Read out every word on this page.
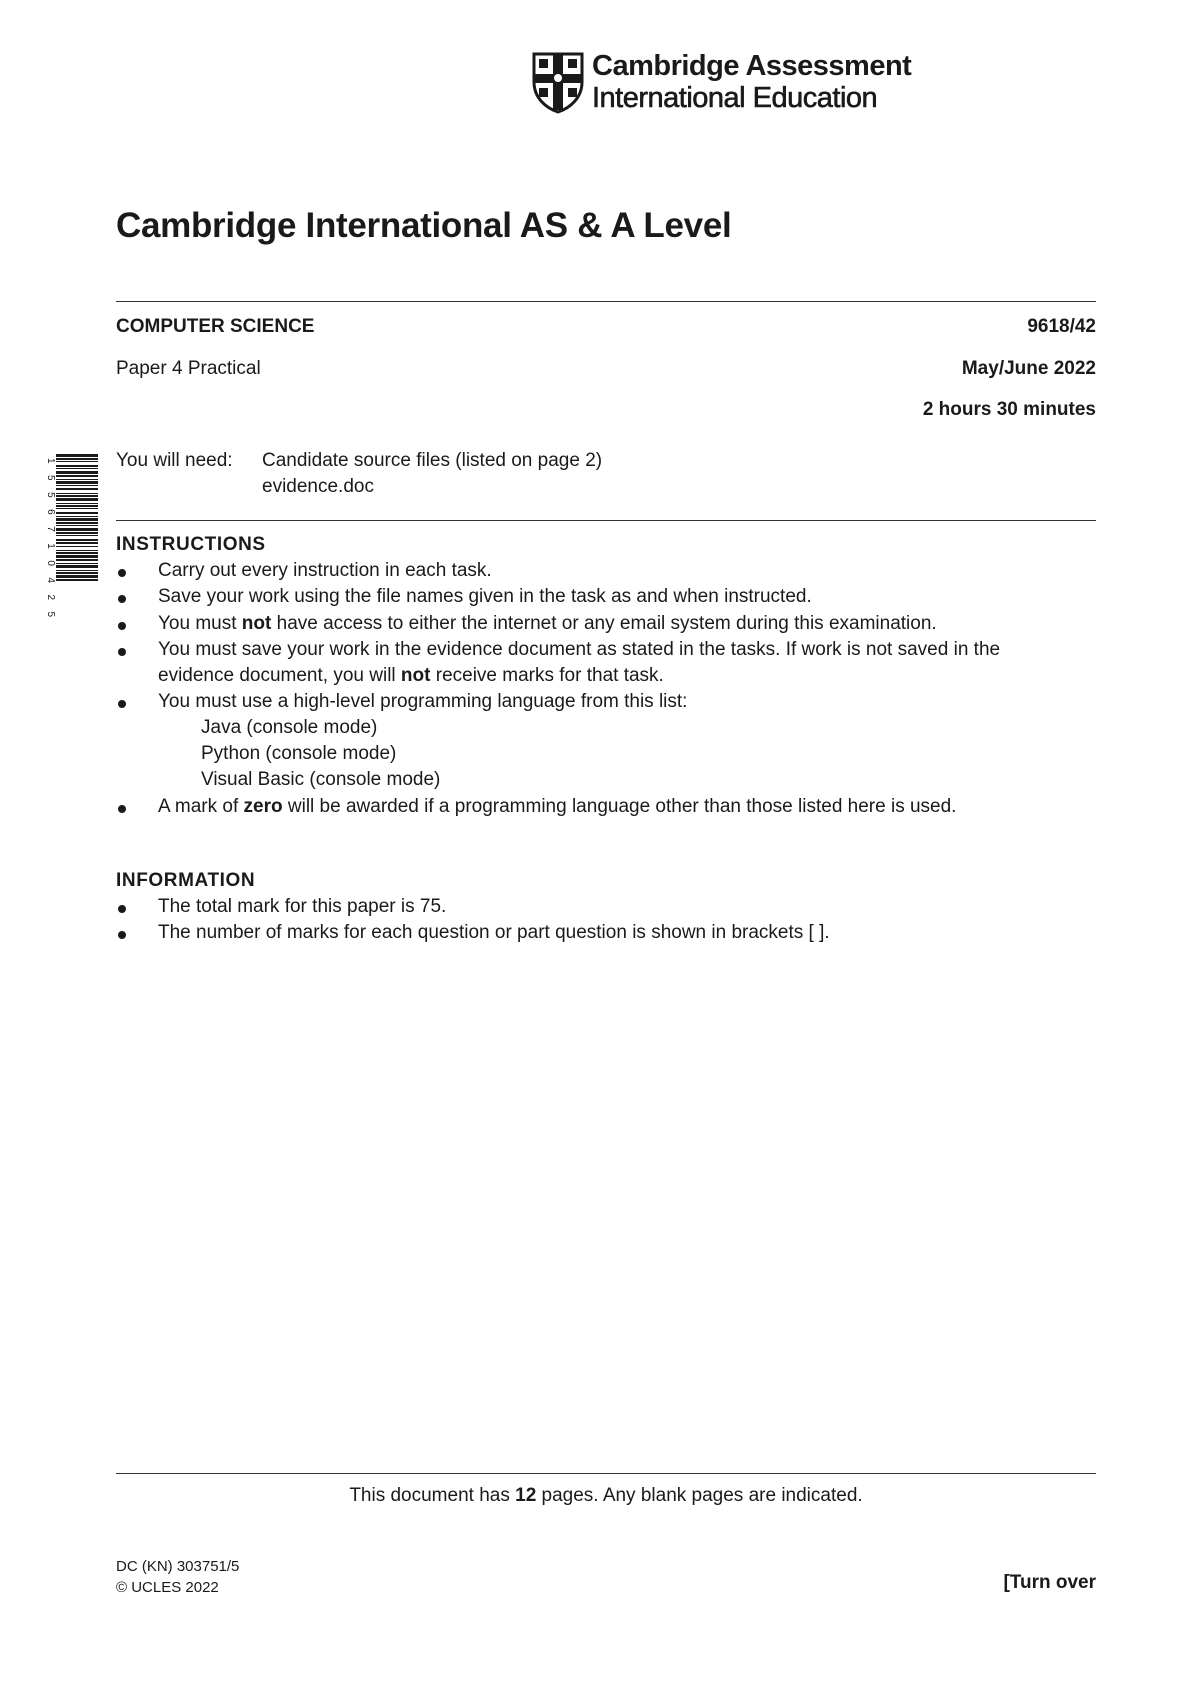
Cambridge Assessment
International Education
Cambridge International AS & A Level
COMPUTER SCIENCE	9618/42
Paper 4 Practical	May/June 2022
2 hours 30 minutes
You will need: Candidate source files (listed on page 2)
evidence.doc
1556710425	INSTRUCTIONS
Carry out every instruction in each task.
Save your work using the file names given in the task as and when instructed.
You must not have access to either the internet or any email system during this examination.
You must save your work in the evidence document as stated in the tasks. If work is not saved in the
evidence document, you will not receive marks for that task.
You must use a high-level programming language from this list:
Java (console mode)
Python (console mode)
Visual Basic (console mode)
A mark of zero will be awarded if a programming language other than those listed here is used.
INFORMATION
The total mark for this paper is 75.
The number of marks for each question or part question is shown in brackets [ ].
This document has 12 pages. Any blank pages are indicated.
DC (KN) 303751/5
© UCLES 2022	[Turn over
